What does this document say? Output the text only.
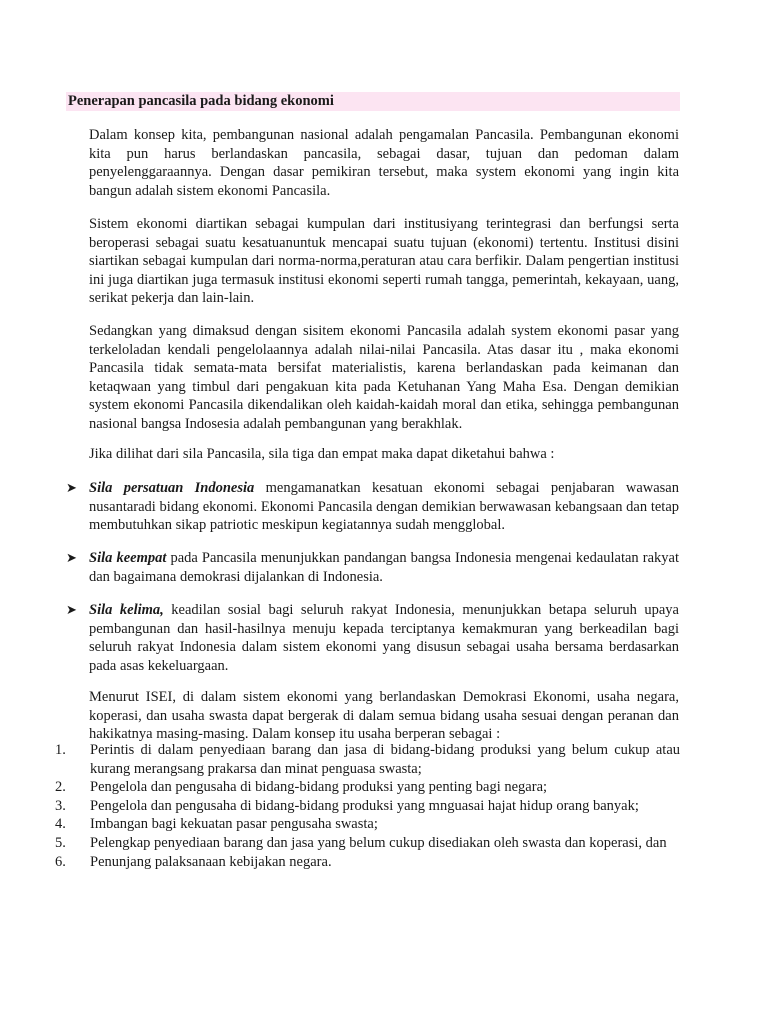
Penerapan pancasila pada bidang ekonomi
Dalam konsep kita, pembangunan nasional adalah pengamalan Pancasila. Pembangunan ekonomi kita pun harus berlandaskan pancasila, sebagai dasar, tujuan dan pedoman dalam penyelenggaraannya. Dengan dasar pemikiran tersebut, maka system ekonomi yang ingin kita bangun adalah sistem ekonomi Pancasila.
Sistem ekonomi diartikan sebagai kumpulan dari institusiyang terintegrasi dan berfungsi serta beroperasi sebagai suatu kesatuanuntuk mencapai suatu tujuan (ekonomi) tertentu. Institusi disini siartikan sebagai kumpulan dari norma-norma,peraturan atau cara berfikir. Dalam pengertian institusi ini juga diartikan juga termasuk institusi ekonomi seperti rumah tangga, pemerintah, kekayaan, uang, serikat pekerja dan lain-lain.
Sedangkan yang dimaksud dengan sisitem ekonomi Pancasila adalah system ekonomi pasar yang terkeloladan kendali pengelolaannya adalah nilai-nilai Pancasila. Atas dasar itu , maka ekonomi Pancasila tidak semata-mata bersifat materialistis, karena berlandaskan pada keimanan dan ketaqwaan yang timbul dari pengakuan kita pada Ketuhanan Yang Maha Esa. Dengan demikian system ekonomi Pancasila dikendalikan oleh kaidah-kaidah moral dan etika, sehingga pembangunan nasional bangsa Indosesia adalah pembangunan yang berakhlak.
Jika dilihat dari sila Pancasila, sila tiga dan empat maka dapat diketahui bahwa :
➤ Sila persatuan Indonesia mengamanatkan kesatuan ekonomi sebagai penjabaran wawasan nusantaradi bidang ekonomi. Ekonomi Pancasila dengan demikian berwawasan kebangsaan dan tetap membutuhkan sikap patriotic meskipun kegiatannya sudah mengglobal.
➤ Sila keempat pada Pancasila menunjukkan pandangan bangsa Indonesia mengenai kedaulatan rakyat dan bagaimana demokrasi dijalankan di Indonesia.
➤ Sila kelima, keadilan sosial bagi seluruh rakyat Indonesia, menunjukkan betapa seluruh upaya pembangunan dan hasil-hasilnya menuju kepada terciptanya kemakmuran yang berkeadilan bagi seluruh rakyat Indonesia dalam sistem ekonomi yang disusun sebagai usaha bersama berdasarkan pada asas kekeluargaan.
Menurut ISEI, di dalam sistem ekonomi yang berlandaskan Demokrasi Ekonomi, usaha negara, koperasi, dan usaha swasta dapat bergerak di dalam semua bidang usaha sesuai dengan peranan dan hakikatnya masing-masing. Dalam konsep itu usaha berperan sebagai :
1. Perintis di dalam penyediaan barang dan jasa di bidang-bidang produksi yang belum cukup atau kurang merangsang prakarsa dan minat penguasa swasta;
2. Pengelola dan pengusaha di bidang-bidang produksi yang penting bagi negara;
3. Pengelola dan pengusaha di bidang-bidang produksi yang mnguasai hajat hidup orang banyak;
4. Imbangan bagi kekuatan pasar pengusaha swasta;
5. Pelengkap penyediaan barang dan jasa yang belum cukup disediakan oleh swasta dan koperasi, dan
6. Penunjang palaksanaan kebijakan negara.
